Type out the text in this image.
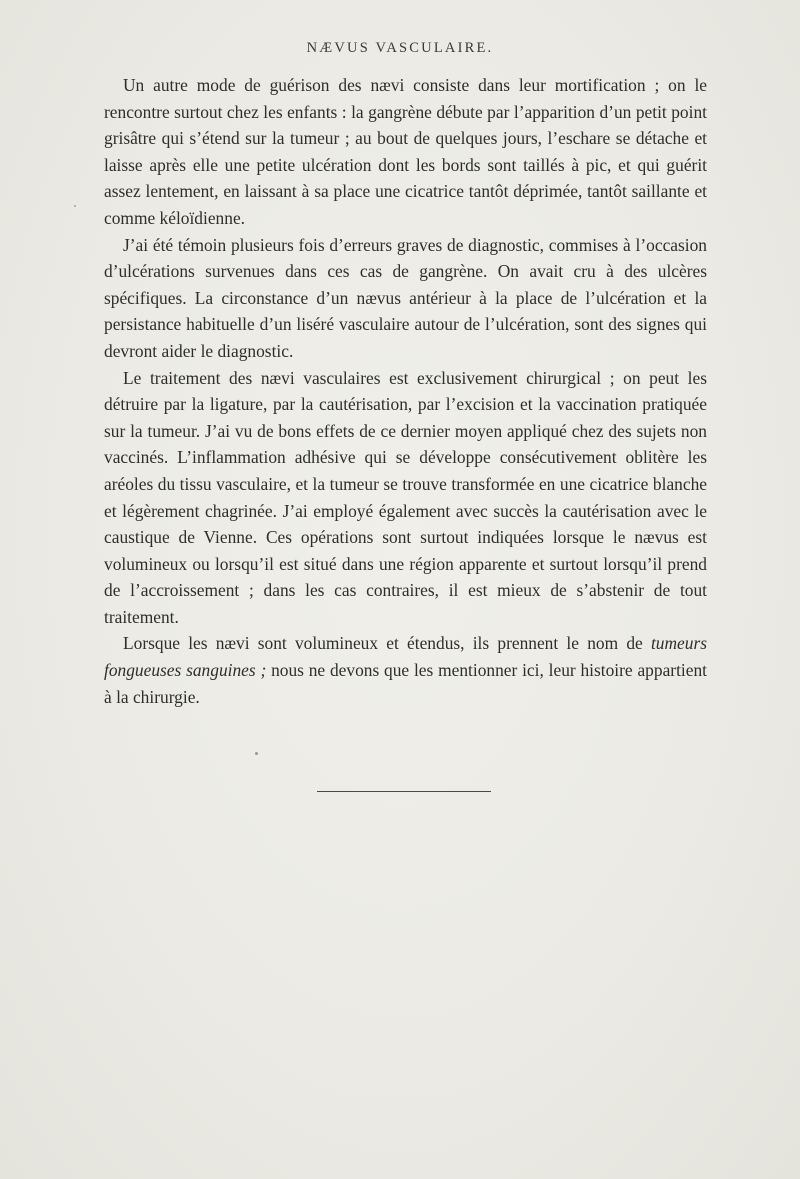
NÆVUS VASCULAIRE.

Un autre mode de guérison des nævi consiste dans leur mortification ; on le rencontre surtout chez les enfants : la gangrène débute par l’apparition d’un petit point grisâtre qui s’étend sur la tumeur ; au bout de quelques jours, l’eschare se détache et laisse après elle une petite ulcération dont les bords sont taillés à pic, et qui guérit assez lentement, en laissant à sa place une cicatrice tantôt déprimée, tantôt saillante et comme kéloïdienne.

J’ai été témoin plusieurs fois d’erreurs graves de diagnostic, commises à l’occasion d’ulcérations survenues dans ces cas de gangrène. On avait cru à des ulcères spécifiques. La circonstance d’un nævus antérieur à la place de l’ulcération et la persistance habituelle d’un liséré vasculaire autour de l’ulcération, sont des signes qui devront aider le diagnostic.

Le traitement des nævi vasculaires est exclusivement chirurgical ; on peut les détruire par la ligature, par la cautérisation, par l’excision et la vaccination pratiquée sur la tumeur. J’ai vu de bons effets de ce dernier moyen appliqué chez des sujets non vaccinés. L’inflammation adhésive qui se développe consécutivement oblitère les aréoles du tissu vasculaire, et la tumeur se trouve transformée en une cicatrice blanche et légèrement chagrinée. J’ai employé également avec succès la cautérisation avec le caustique de Vienne. Ces opérations sont surtout indiquées lorsque le nævus est volumineux ou lorsqu’il est situé dans une région apparente et surtout lorsqu’il prend de l’accroissement ; dans les cas contraires, il est mieux de s’abstenir de tout traitement.

Lorsque les nævi sont volumineux et étendus, ils prennent le nom de tumeurs fongueuses sanguines ; nous ne devons que les mentionner ici, leur histoire appartient à la chirurgie.
